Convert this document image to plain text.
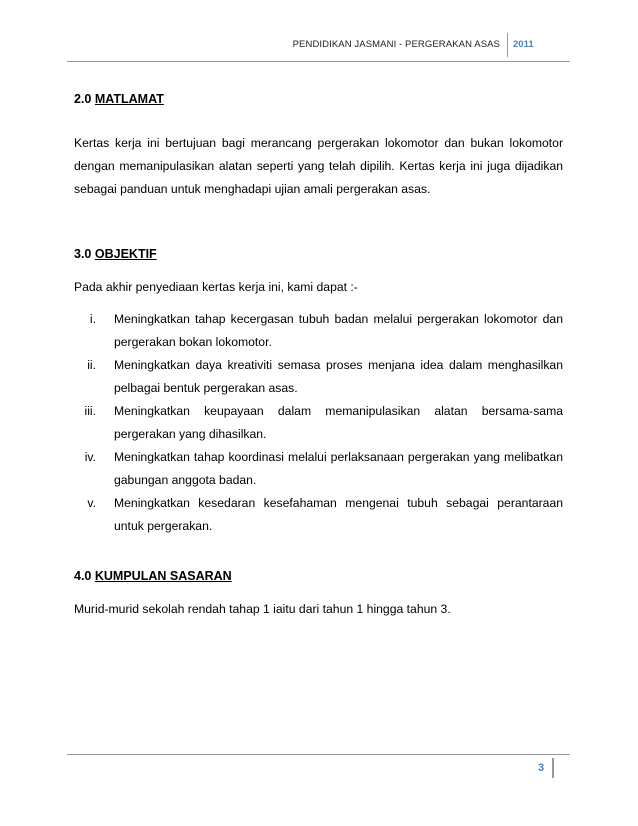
PENDIDIKAN JASMANI - PERGERAKAN ASAS 2011
2.0 MATLAMAT

Kertas kerja ini bertujuan bagi merancang pergerakan lokomotor dan bukan lokomotor dengan memanipulasikan alatan seperti yang telah dipilih. Kertas kerja ini juga dijadikan sebagai panduan untuk menghadapi ujian amali pergerakan asas.

3.0 OBJEKTIF

Pada akhir penyediaan kertas kerja ini, kami dapat :-

i. Meningkatkan tahap kecergasan tubuh badan melalui pergerakan lokomotor dan pergerakan bokan lokomotor.
ii. Meningkatkan daya kreativiti semasa proses menjana idea dalam menghasilkan pelbagai bentuk pergerakan asas.
iii. Meningkatkan keupayaan dalam memanipulasikan alatan bersama-sama pergerakan yang dihasilkan.
iv. Meningkatkan tahap koordinasi melalui perlaksanaan pergerakan yang melibatkan gabungan anggota badan.
v. Meningkatkan kesedaran kesefahaman mengenai tubuh sebagai perantaraan untuk pergerakan.
4.0 KUMPULAN SASARAN

Murid-murid sekolah rendah tahap 1 iaitu dari tahun 1 hingga tahun 3.

3
